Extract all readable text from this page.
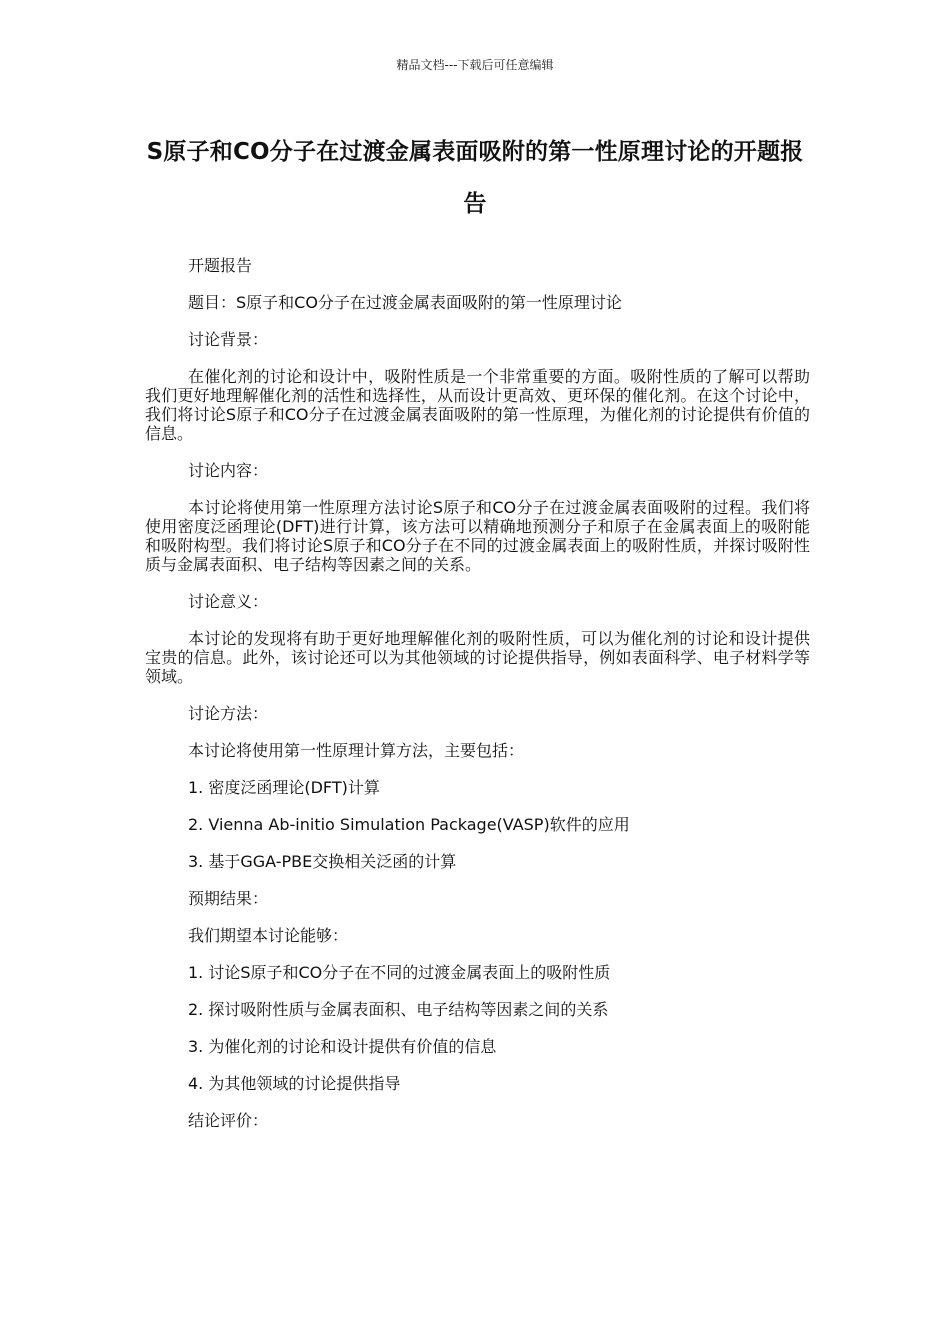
精品文档---下载后可任意编辑
S原子和CO分子在过渡金属表面吸附的第一性原理讨论的开题报告

开题报告

题目：S原子和CO分子在过渡金属表面吸附的第一性原理讨论

讨论背景：

在催化剂的讨论和设计中，吸附性质是一个非常重要的方面。吸附性质的了解可以帮助我们更好地理解催化剂的活性和选择性，从而设计更高效、更环保的催化剂。在这个讨论中，我们将讨论S原子和CO分子在过渡金属表面吸附的第一性原理，为催化剂的讨论提供有价值的信息。

讨论内容：

本讨论将使用第一性原理方法讨论S原子和CO分子在过渡金属表面吸附的过程。我们将使用密度泛函理论(DFT)进行计算，该方法可以精确地预测分子和原子在金属表面上的吸附能和吸附构型。我们将讨论S原子和CO分子在不同的过渡金属表面上的吸附性质，并探讨吸附性质与金属表面积、电子结构等因素之间的关系。

讨论意义：

本讨论的发现将有助于更好地理解催化剂的吸附性质，可以为催化剂的讨论和设计提供宝贵的信息。此外，该讨论还可以为其他领域的讨论提供指导，例如表面科学、电子材料学等领域。

讨论方法：

本讨论将使用第一性原理计算方法，主要包括：

1. 密度泛函理论(DFT)计算

2. Vienna Ab-initio Simulation Package(VASP)软件的应用

3. 基于GGA-PBE交换相关泛函的计算

预期结果：

我们期望本讨论能够：

1. 讨论S原子和CO分子在不同的过渡金属表面上的吸附性质

2. 探讨吸附性质与金属表面积、电子结构等因素之间的关系

3. 为催化剂的讨论和设计提供有价值的信息

4. 为其他领域的讨论提供指导

结论评价：
